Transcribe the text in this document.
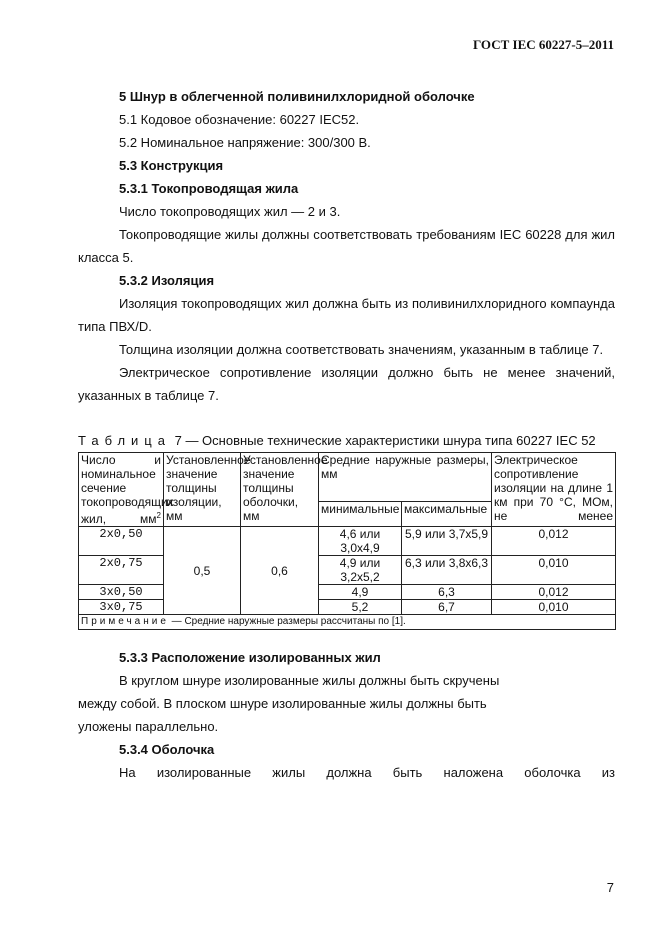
ГОСТ IEC 60227-5–2011

5 Шнур в облегченной поливинилхлоридной оболочке

5.1 Кодовое обозначение: 60227 IEC52.

5.2 Номинальное напряжение: 300/300 В.

5.3 Конструкция

5.3.1 Токопроводящая жила

Число токопроводящих жил — 2 и 3.

Токопроводящие жилы должны соответствовать требованиям IEC 60228 для жил класса 5.

5.3.2 Изоляция

Изоляция токопроводящих жил должна быть из поливинилхлоридного компаунда типа ПВХ/D.

Толщина изоляции должна соответствовать значениям, указанным в таблице 7.

Электрическое сопротивление изоляции должно быть не менее значений, указанных в таблице 7.

Таблица 7 — Основные технические характеристики шнура типа 60227 IEC 52
Число и номинальное сечение токопроводящих жил, $мм^2$	Установленное значение толщины изоляции, мм	Установленное значение толщины оболочки, мм	Средние наружные размеры, мм		Электрическое сопротивление изоляции на длине 1 км при 70 °С, МОм, не менее
			минимальные	максимальные	
2x0,50	0,5	0,6	4,6 или 3,0x4,9	5,9 или 3,7x5,9	0,012
2x0,75			4,9 или 3,2x5,2	6,3 или 3,8x6,3	0,010
3x0,50			4,9	6,3	0,012
3x0,75			5,2	6,7	0,010
Примечание — Средние наружные размеры рассчитаны по [1].					

5.3.3 Расположение изолированных жил

В круглом шнуре изолированные жилы должны быть скручены

между собой. В плоском шнуре изолированные жилы должны быть

уложены параллельно.

5.3.4 Оболочка

На изолированные жилы должна быть наложена оболочка из

7
